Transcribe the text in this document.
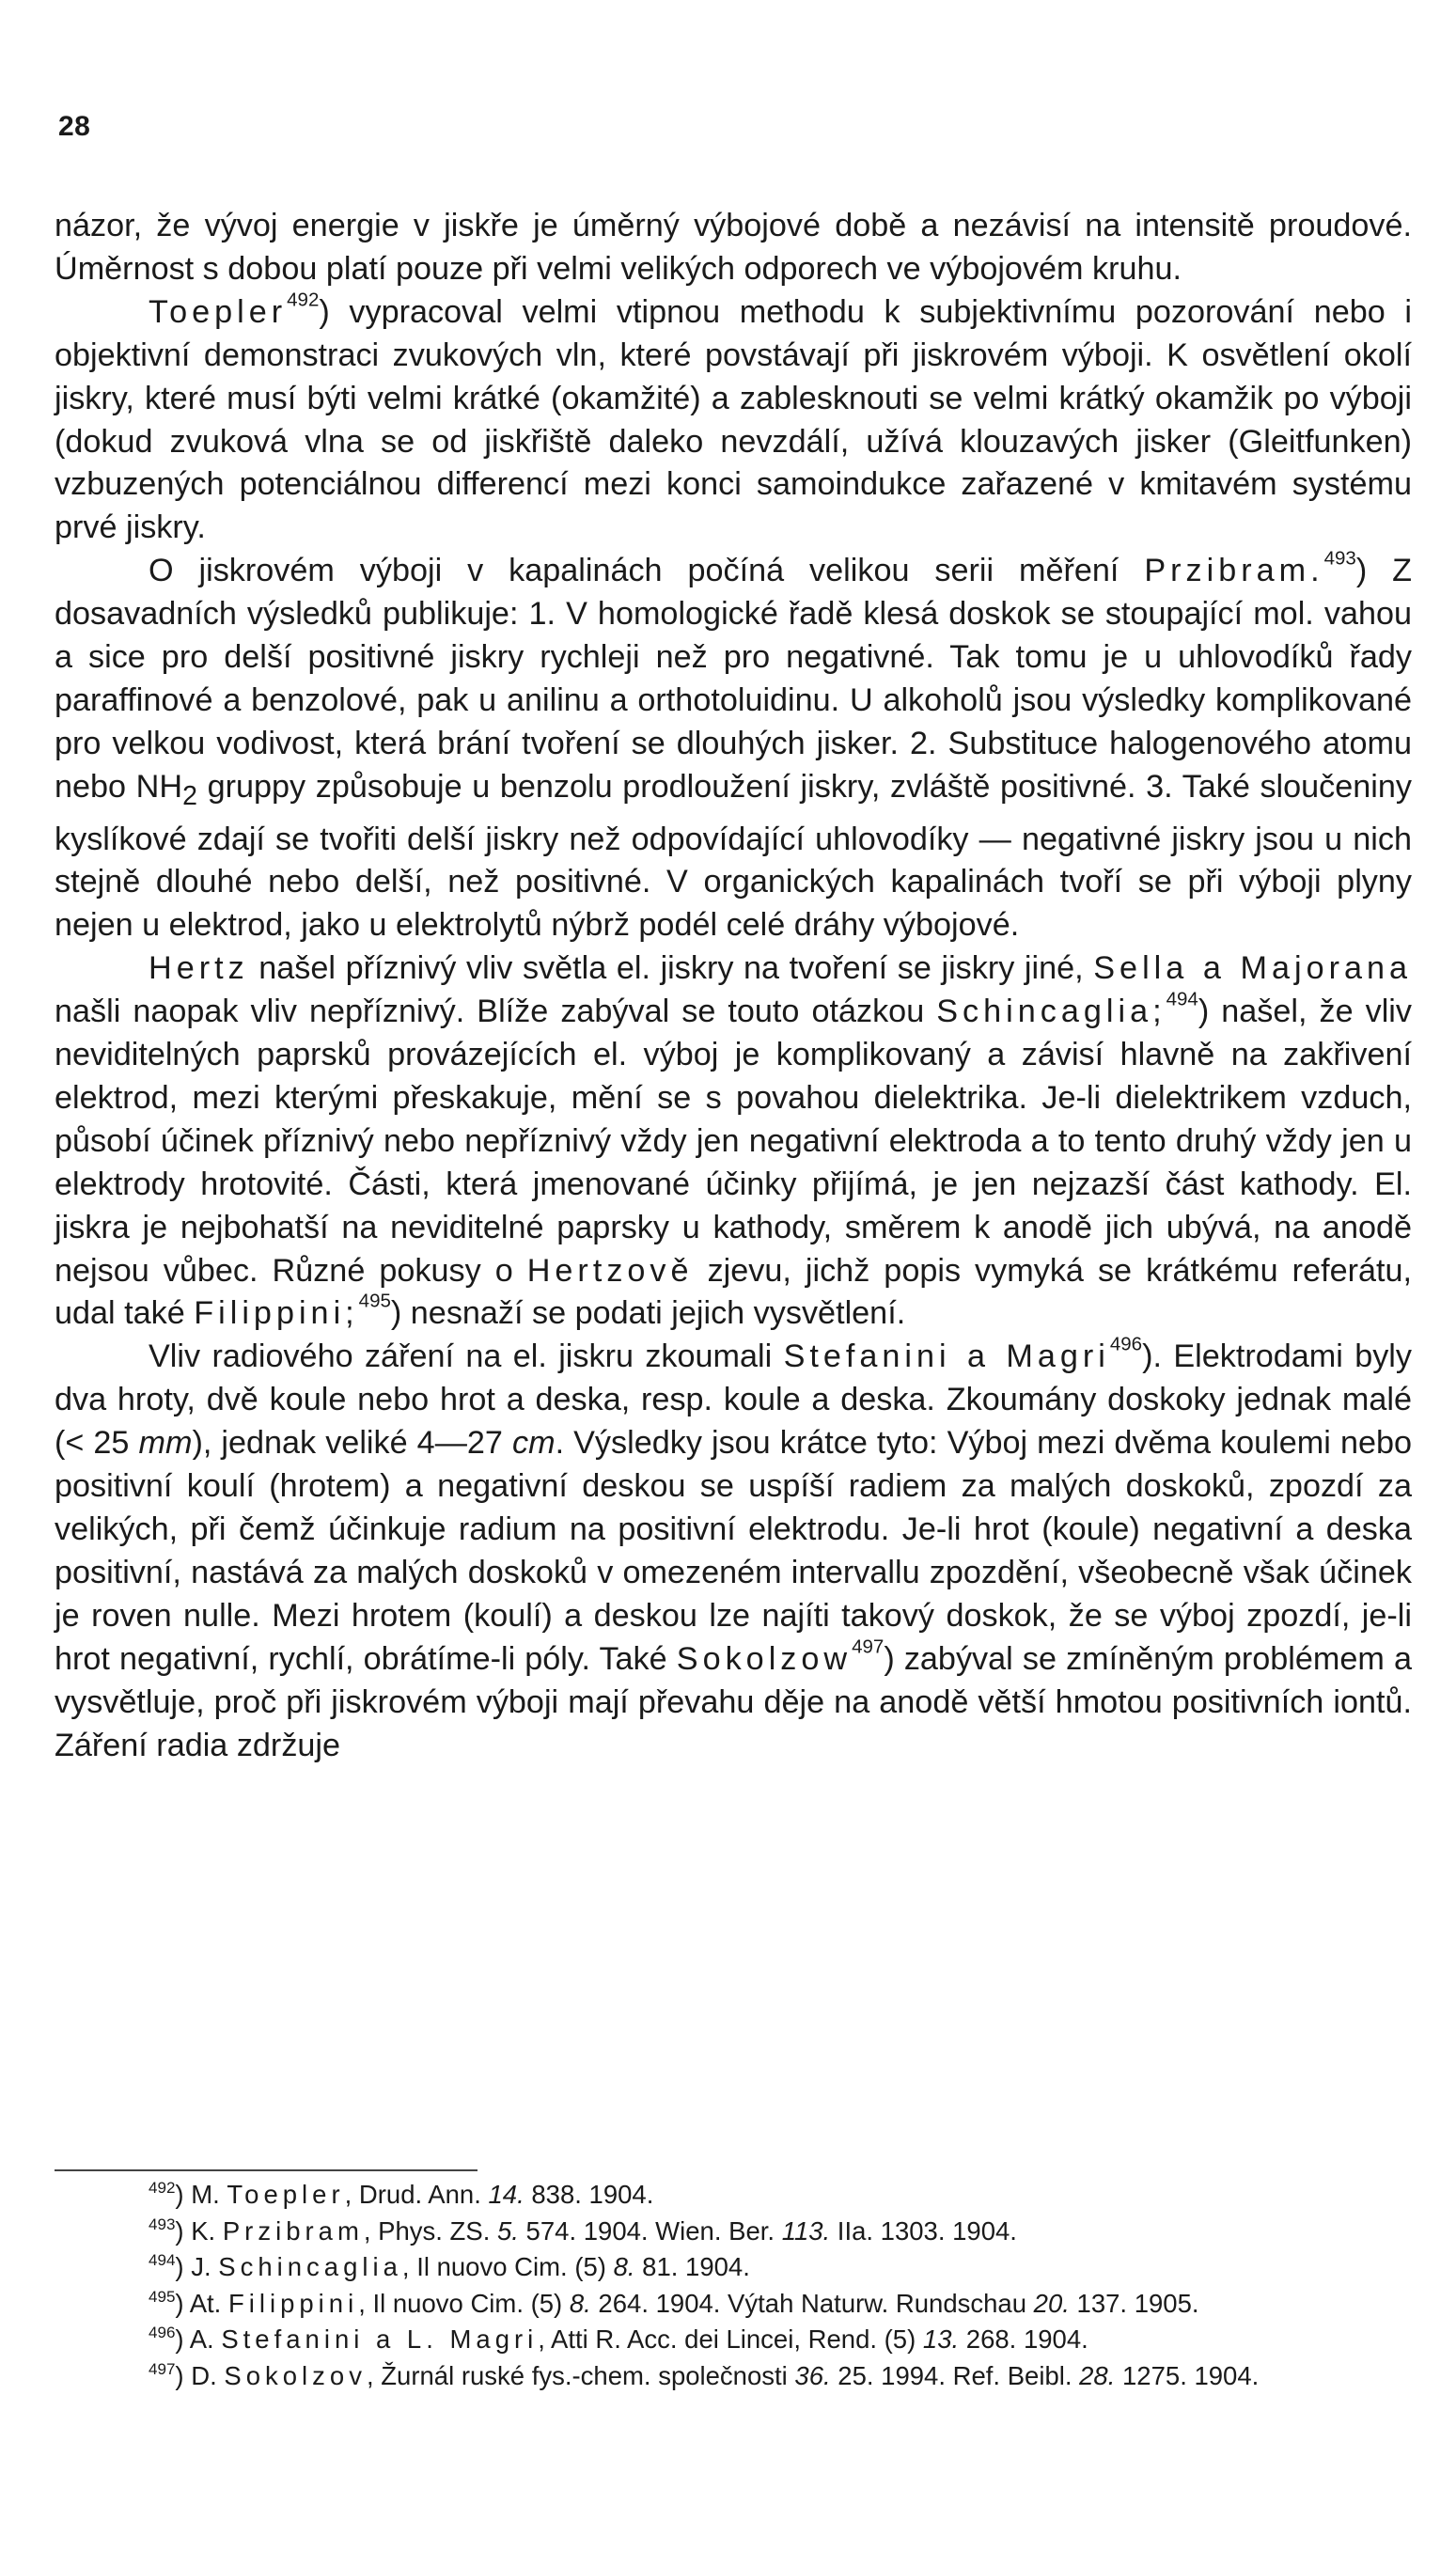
28

názor, že vývoj energie v jiskře je úměrný výbojové době a nezávisí na intensitě proudové. Úměrnost s dobou platí pouze při velmi velikých odporech ve výbojovém kruhu.

Toepler$^{492}$) vypracoval velmi vtipnou methodu k subjektivnímu pozorování nebo i objektivní demonstraci zvukových vln, které povstávají při jiskrovém výboji. K osvětlení okolí jiskry, které musí býti velmi krátké (okamžité) a zablesknouti se velmi krátký okamžik po výboji (dokud zvuková vlna se od jiskřiště daleko nevzdálí, užívá klouzavých jisker (Gleitfunken) vzbuzených potenciálnou differencí mezi konci samoindukce zařazené v kmitavém systému prvé jiskry.

O jiskrovém výboji v kapalinách počíná velikou serii měření Przibram.$^{493}$) Z dosavadních výsledků publikuje: 1. V homologické řadě klesá doskok se stoupající mol. vahou a sice pro delší positivné jiskry rychleji než pro negativné. Tak tomu je u uhlovodíků řady paraffinové a benzolové, pak u anilinu a orthotoluidinu. U alkoholů jsou výsledky komplikované pro velkou vodivost, která brání tvoření se dlouhých jisker. 2. Substituce halogenového atomu nebo $NH_2$ gruppy způsobuje u benzolu prodloužení jiskry, zvláště positivné. 3. Také sloučeniny kyslíkové zdají se tvořiti delší jiskry než odpovídající uhlovodíky — negativné jiskry jsou u nich stejně dlouhé nebo delší, než positivné. V organických kapalinách tvoří se při výboji plyny nejen u elektrod, jako u elektrolytů nýbrž podél celé dráhy výbojové.

Hertz našel příznivý vliv světla el. jiskry na tvoření se jiskry jiné, Sella a Majorana našli naopak vliv nepříznivý. Blíže zabýval se touto otázkou Schincaglia;$^{494}$) našel, že vliv neviditelných paprsků provázejících el. výboj je komplikovaný a závisí hlavně na zakřivení elektrod, mezi kterými přeskakuje, mění se s povahou dielektrika. Je-li dielektrikem vzduch, působí účinek příznivý nebo nepříznivý vždy jen negativní elektroda a to tento druhý vždy jen u elektrody hrotovité. Části, která jmenované účinky přijímá, je jen nejzazší část kathody. El. jiskra je nejbohatší na neviditelné paprsky u kathody, směrem k anodě jich ubývá, na anodě nejsou vůbec. Různé pokusy o Hertzově zjevu, jichž popis vymyká se krátkému referátu, udal také Filippini;$^{495}$) nesnaží se podati jejich vysvětlení.

Vliv radiového záření na el. jiskru zkoumali Stefanini a Magri$^{496}$). Elektrodami byly dva hroty, dvě koule nebo hrot a deska, resp. koule a deska. Zkoumány doskoky jednak malé (< 25 mm), jednak veliké 4—27 cm. Výsledky jsou krátce tyto: Výboj mezi dvěma koulemi nebo positivní koulí (hrotem) a negativní deskou se uspíší radiem za malých doskoků, zpozdí za velikých, při čemž účinkuje radium na positivní elektrodu. Je-li hrot (koule) negativní a deska positivní, nastává za malých doskoků v omezeném intervallu zpozdění, všeobecně však účinek je roven nulle. Mezi hrotem (koulí) a deskou lze najíti takový doskok, že se výboj zpozdí, je-li hrot negativní, rychlí, obrátíme-li póly. Také Sokolzow$^{497}$) zabýval se zmíněným problémem a vysvětluje, proč při jiskrovém výboji mají převahu děje na anodě větší hmotou positivních iontů. Záření radia zdržuje

$^{492}$) M. Toepler, Drud. Ann. 14. 838. 1904.

$^{493}$) K. Przibram, Phys. ZS. 5. 574. 1904. Wien. Ber. 113. IIa. 1303. 1904.

$^{494}$) J. Schincaglia, Il nuovo Cim. (5) 8. 81. 1904.

$^{495}$) At. Filippini, Il nuovo Cim. (5) 8. 264. 1904. Výtah Naturw. Rundschau 20. 137. 1905.

$^{496}$) A. Stefanini a L. Magri, Atti R. Acc. dei Lincei, Rend. (5) 13. 268. 1904.

$^{497}$) D. Sokolzov, Žurnál ruské fys.-chem. společnosti 36. 25. 1994. Ref. Beibl. 28. 1275. 1904.
